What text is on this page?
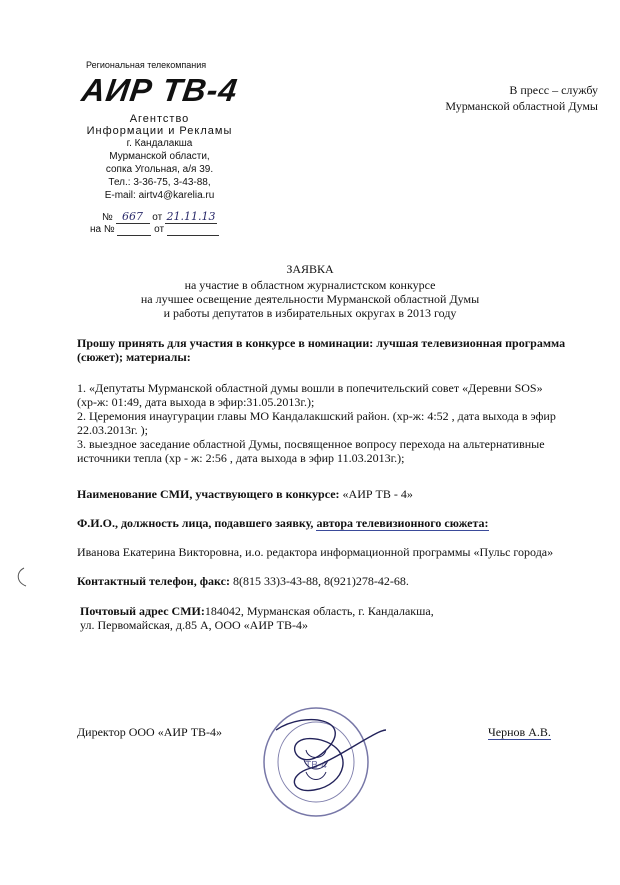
Региональная телекомпания
АИР ТВ-4
Агентство
Информации и Рекламы
г. Кандалакша
Мурманской области,
сопка Угольная, а/я 39.
Тел.: 3-36-75, 3-43-88,
E-mail: airtv4@karelia.ru
В пресс – службу
Мурманской областной Думы
№ 667 от 21.11.13
на №	от
ЗАЯВКА
на участие в областном журналистском конкурсе
на лучшее освещение деятельности Мурманской областной Думы
и работы депутатов в избирательных округах в 2013 году
Прошу принять для участия в конкурсе в номинации: лучшая телевизионная программа
(сюжет); материалы:
1. «Депутаты Мурманской областной думы вошли в попечительский совет «Деревни SOS»
(хр-ж: 01:49, дата выхода в эфир:31.05.2013г.);
2. Церемония инаугурации главы МО Кандалакшский район. (хр-ж: 4:52 , дата выхода в эфир
22.03.2013г. );
3. выездное заседание областной Думы, посвященное вопросу перехода на альтернативные
источники тепла (хр - ж: 2:56 , дата выхода в эфир 11.03.2013г.);
Наименование СМИ, участвующего в конкурсе: «АИР ТВ - 4»
Ф.И.О., должность лица, подавшего заявку, автора телевизионного сюжета:
Иванова Екатерина Викторовна, и.о. редактора информационной программы «Пульс города»
Контактный телефон, факс: 8(815 33)3-43-88, 8(921)278-42-68.
Почтовый адрес СМИ:184042, Мурманская область, г. Кандалакша,
ул. Первомайская, д.85 А, ООО «АИР ТВ-4»
Директор ООО «АИР ТВ-4»	Чернов А.В.
ТВ-4
